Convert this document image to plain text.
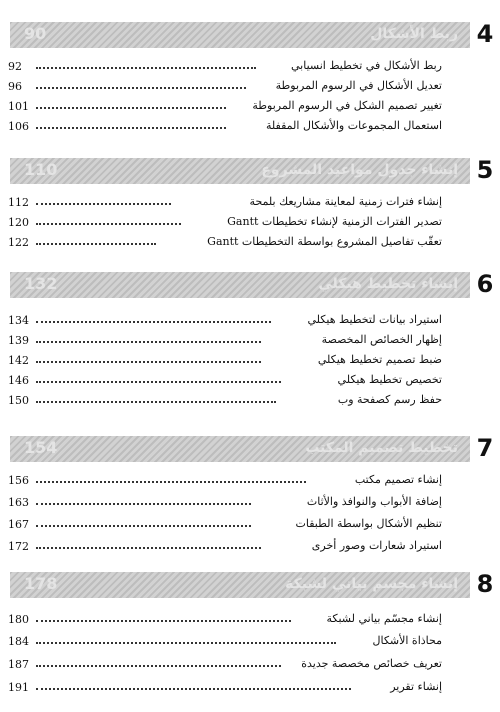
90	ربط الأشكال 4
92	ربط الأشكال في تخطيط انسيابي
96	تعديل الأشكال في الرسوم المربوطة
101	تغيير تصميم الشكل في الرسوم المربوطة
106	استعمال المجموعات والأشكال المقفلة
110	إنشاء جدول مواعيد المشروع 5
112	إنشاء فترات زمنية لمعاينة مشاريعك بلمحة
120	تصدير الفترات الزمنية لإنشاء تخطيطات Gantt
122	تعقّب تفاصيل المشروع بواسطة التخطيطات Gantt
132	إنشاء تخطيط هيكلي 6
134	استيراد بيانات لتخطيط هيكلي
139	إظهار الخصائص المخصصة
142	ضبط تصميم تخطيط هيكلي
146	تخصيص تخطيط هيكلي
150	حفظ رسم كصفحة وب
154	تخطيط تصميم المكتب 7
156	إنشاء تصميم مكتب
163	إضافة الأبواب والنوافذ والأثاث
167	تنظيم الأشكال بواسطة الطبقات
172	استيراد شعارات وصور أخرى
178	إنشاء مجسم بياني لشبكة 8
180	إنشاء مجسّم بياني لشبكة
184	محاذاة الأشكال
187	تعريف خصائص مخصصة جديدة
191	إنشاء تقرير
